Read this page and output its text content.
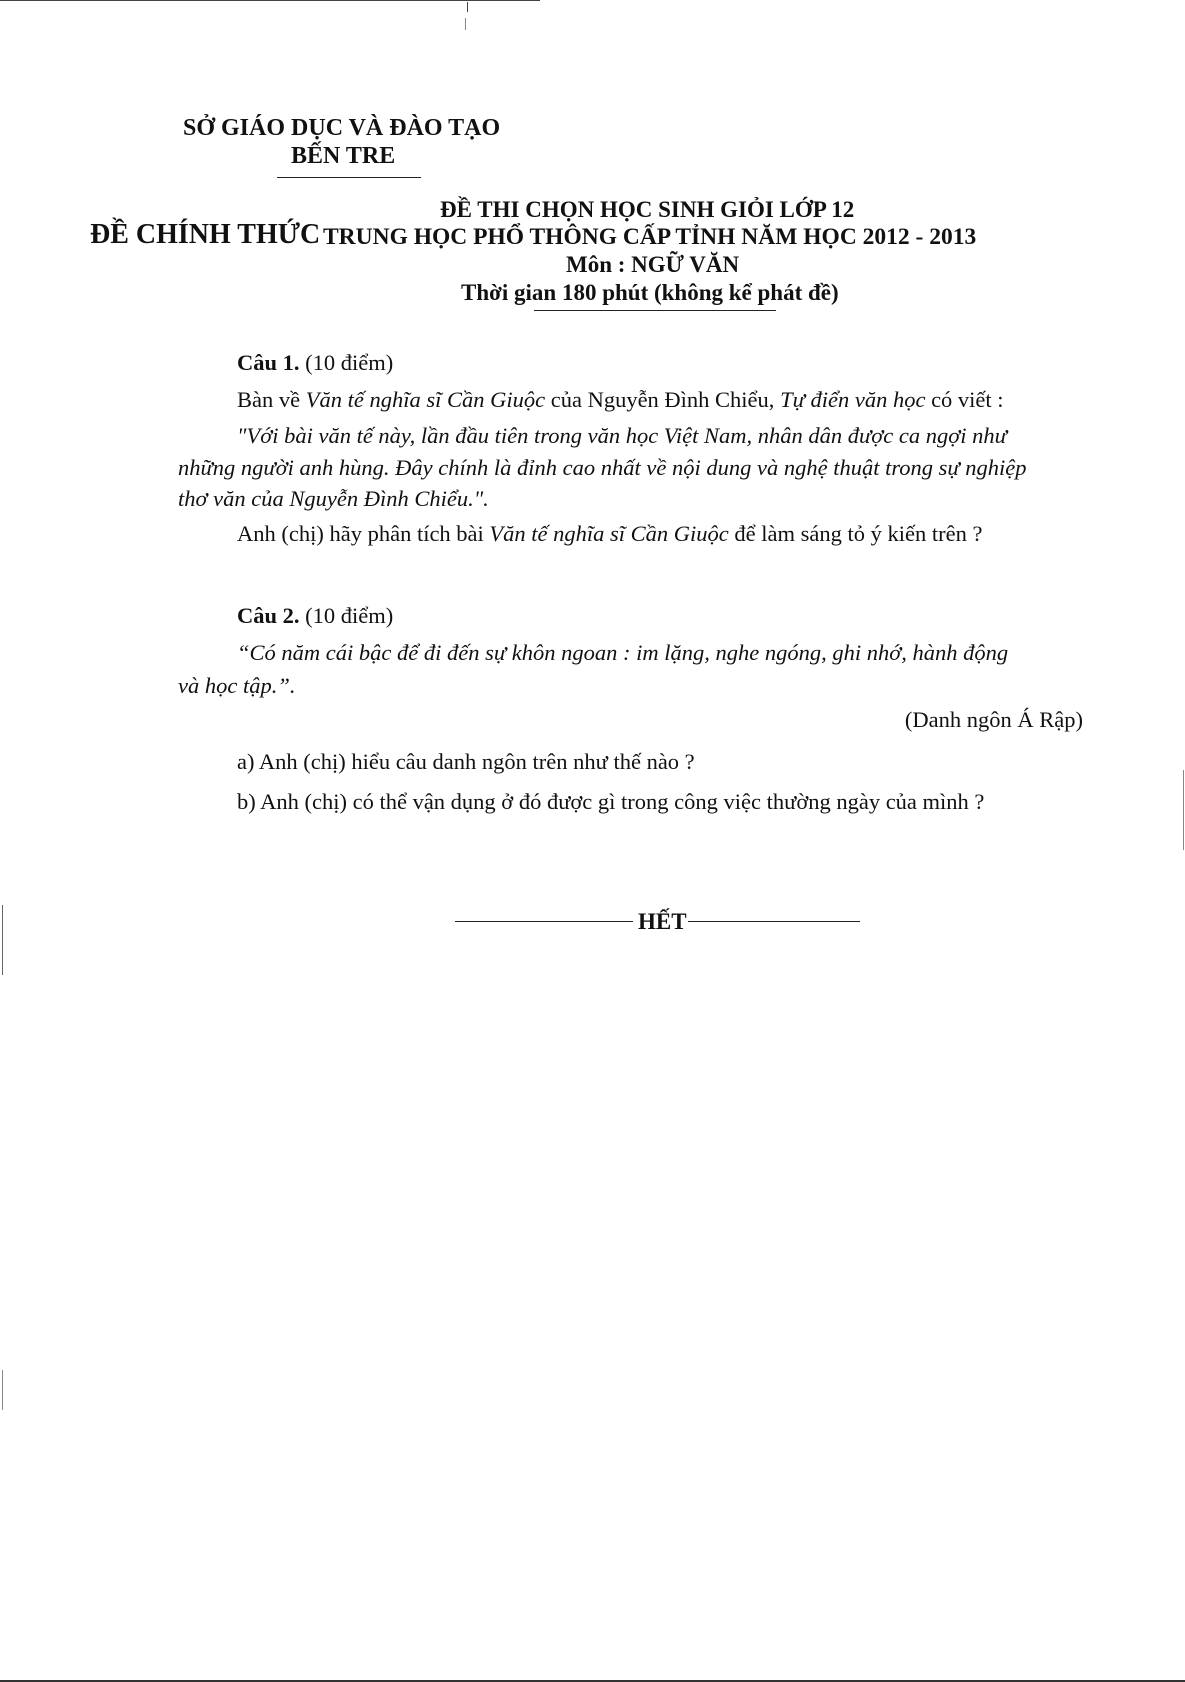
SỞ GIÁO DỤC VÀ ĐÀO TẠO
BẾN TRE
ĐỀ CHÍNH THỨC
ĐỀ THI CHỌN HỌC SINH GIỎI LỚP 12
TRUNG HỌC PHỔ THÔNG CẤP TỈNH NĂM HỌC 2012 - 2013
Môn : NGỮ VĂN
Thời gian 180 phút (không kể phát đề)
Câu 1. (10 điểm)
Bàn về Văn tế nghĩa sĩ Cần Giuộc của Nguyễn Đình Chiểu, Tự điển văn học có viết :
"Với bài văn tế này, lần đầu tiên trong văn học Việt Nam, nhân dân được ca ngợi như
những người anh hùng. Đây chính là đỉnh cao nhất về nội dung và nghệ thuật trong sự nghiệp
thơ văn của Nguyễn Đình Chiểu.".
Anh (chị) hãy phân tích bài Văn tế nghĩa sĩ Cần Giuộc để làm sáng tỏ ý kiến trên ?
Câu 2. (10 điểm)
“Có năm cái bậc để đi đến sự khôn ngoan : im lặng, nghe ngóng, ghi nhớ, hành động
và học tập.”.
(Danh ngôn Á Rập)
a) Anh (chị) hiểu câu danh ngôn trên như thế nào ?
b) Anh (chị) có thể vận dụng ở đó được gì trong công việc thường ngày của mình ?
HẾT
